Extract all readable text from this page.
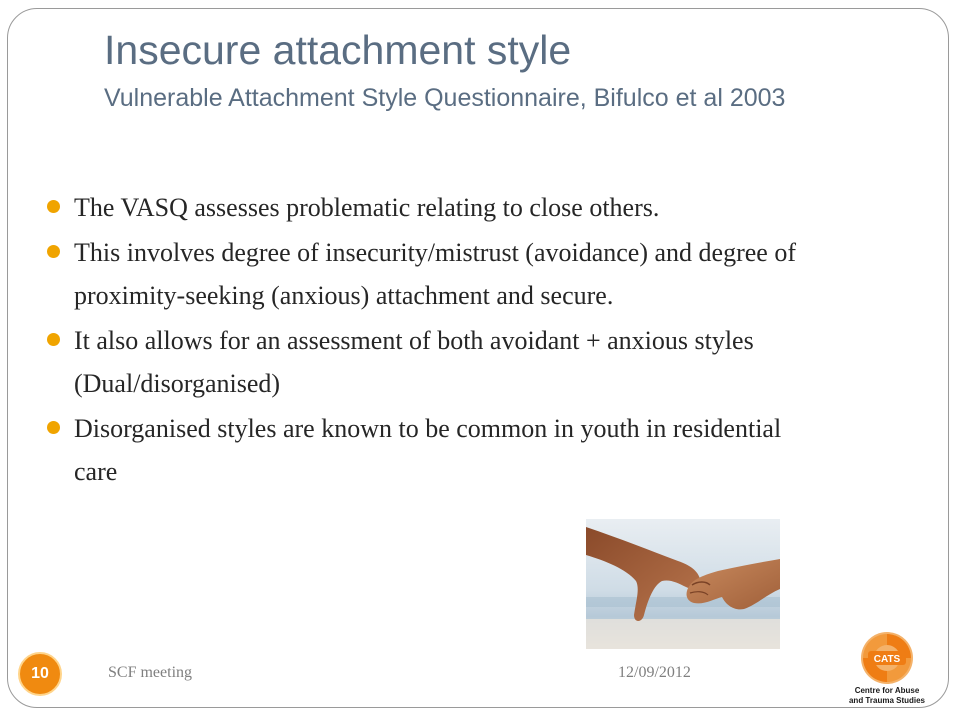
Insecure attachment style
Vulnerable Attachment Style Questionnaire, Bifulco et al 2003
The VASQ assesses problematic relating to close others.
This involves degree of insecurity/mistrust (avoidance) and degree of proximity-seeking (anxious) attachment and secure.
It also allows for an assessment of both avoidant + anxious styles (Dual/disorganised)
Disorganised styles are known to be common in youth in residential care
10	SCF meeting	12/09/2012
CATS
Centre for Abuse
and Trauma Studies
